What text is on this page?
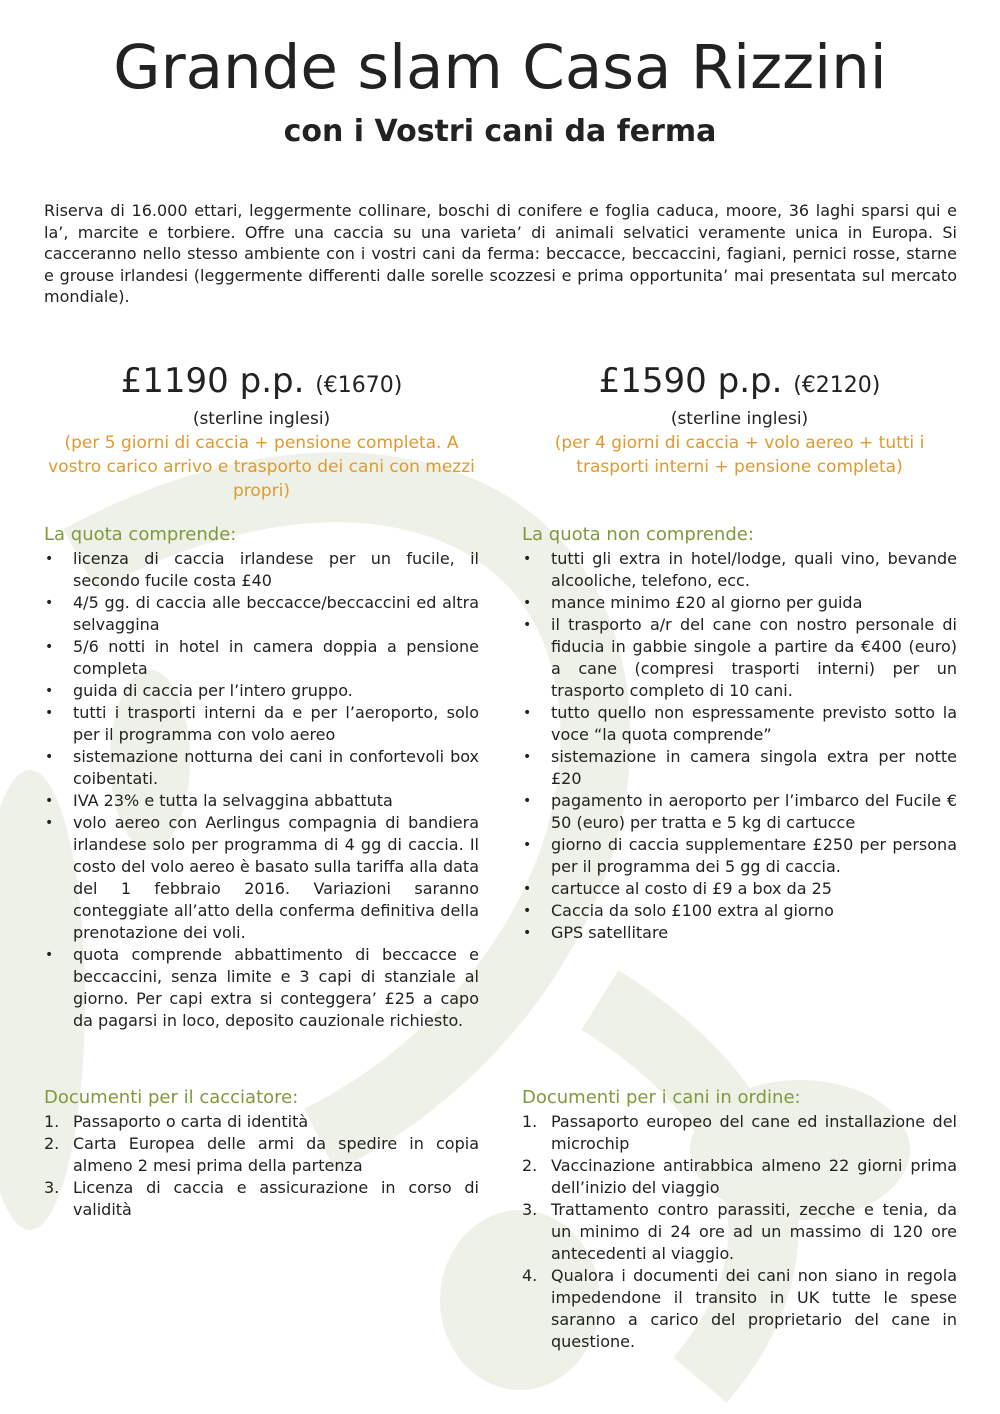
Grande slam Casa Rizzini
con i Vostri cani da ferma

Riserva di 16.000 ettari, leggermente collinare, boschi di conifere e foglia caduca, moore, 36 laghi sparsi qui e la’, marcite e torbiere. Offre una caccia su una varieta’ di animali selvatici veramente unica in Europa. Si cacceranno nello stesso ambiente con i vostri cani da ferma: beccacce, beccaccini, fagiani, pernici rosse, starne e grouse irlandesi (leggermente differenti dalle sorelle scozzesi e prima opportunita’ mai presentata sul mercato mondiale).

£1190 p.p. (€1670)
(sterline inglesi)
(per 5 giorni di caccia + pensione completa. A vostro carico arrivo e trasporto dei cani con mezzi propri)
£1590 p.p. (€2120)
(sterline inglesi)
(per 4 giorni di caccia + volo aereo + tutti i trasporti interni + pensione completa)
La quota comprende:
• licenza di caccia irlandese per un fucile, il secondo fucile costa £40
• 4/5 gg. di caccia alle beccacce/beccaccini ed altra selvaggina
• 5/6 notti in hotel in camera doppia a pensione completa
• guida di caccia per l’intero gruppo.
• tutti i trasporti interni da e per l’aeroporto, solo per il programma con volo aereo
• sistemazione notturna dei cani in confortevoli box coibentati.
• IVA 23% e tutta la selvaggina abbattuta
• volo aereo con Aerlingus compagnia di bandiera irlandese solo per programma di 4 gg di caccia. Il costo del volo aereo è basato sulla tariffa alla data del 1 febbraio 2016. Variazioni saranno conteggiate all’atto della conferma definitiva della prenotazione dei voli.
• quota comprende abbattimento di beccacce e beccaccini, senza limite e 3 capi di stanziale al giorno. Per capi extra si conteggera’ £25 a capo da pagarsi in loco, deposito cauzionale richiesto.
La quota non comprende:
• tutti gli extra in hotel/lodge, quali vino, bevande alcooliche, telefono, ecc.
• mance minimo £20 al giorno per guida
• il trasporto a/r del cane con nostro personale di fiducia in gabbie singole a partire da €400 (euro) a cane (compresi trasporti interni) per un trasporto completo di 10 cani.
• tutto quello non espressamente previsto sotto la voce “la quota comprende”
• sistemazione in camera singola extra per notte £20
• pagamento in aeroporto per l’imbarco del Fucile € 50 (euro) per tratta e 5 kg di cartucce
• giorno di caccia supplementare £250 per persona per il programma dei 5 gg di caccia.
• cartucce al costo di £9 a box da 25
• Caccia da solo £100 extra al giorno
• GPS satellitare
Documenti per il cacciatore:
1. Passaporto o carta di identità
2. Carta Europea delle armi da spedire in copia almeno 2 mesi prima della partenza
3. Licenza di caccia e assicurazione in corso di validità
Documenti per i cani in ordine:
1. Passaporto europeo del cane ed installazione del microchip
2. Vaccinazione antirabbica almeno 22 giorni prima dell’inizio del viaggio
3. Trattamento contro parassiti, zecche e tenia, da un minimo di 24 ore ad un massimo di 120 ore antecedenti al viaggio.
4. Qualora i documenti dei cani non siano in regola impedendone il transito in UK tutte le spese saranno a carico del proprietario del cane in questione.
